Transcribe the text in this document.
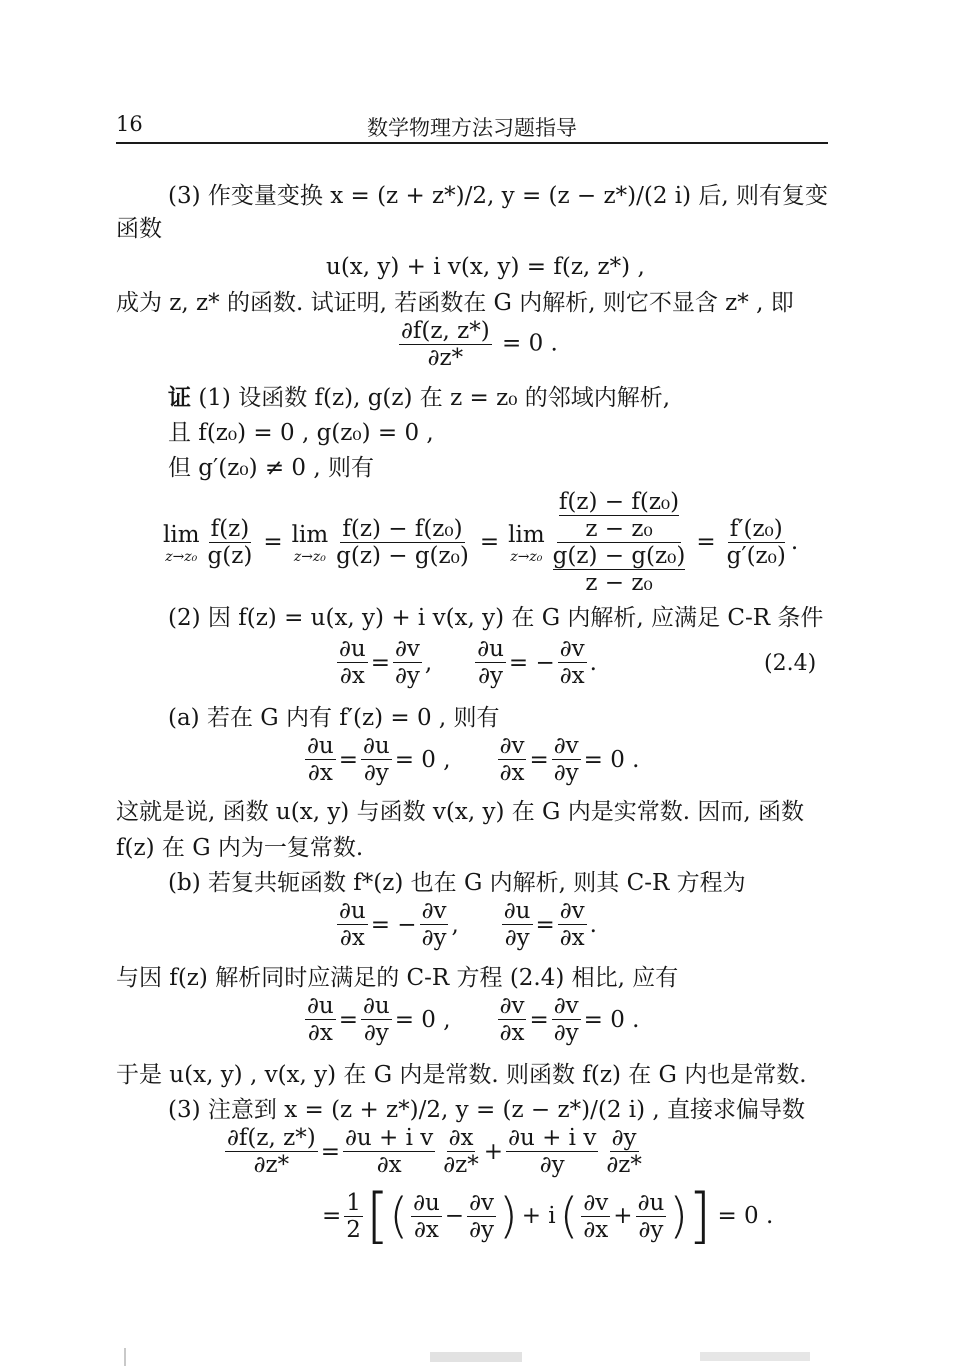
16	数学物理方法习题指导
(3) 作变量变换 x = (z + z*)/2, y = (z − z*)/(2 i) 后, 则有复变
函数
u(x, y) + i v(x, y) = f(z, z*) ,
成为 z, z* 的函数. 试证明, 若函数在 G 内解析, 则它不显含 z* , 即
$\frac{\partial f(z, z*)}{\partial z*} = 0$ .
证 (1) 设函数 f(z), g(z) 在 z = z₀ 的邻域内解析,
且 f(z₀) = 0 , g(z₀) = 0 ,
但 g′(z₀) ≠ 0 , 则有
lim
$z\to z_0 \frac{f(z)}{g(z)} = \lim$
$z\to z_0 \frac{\text{f(z) − f(z₀)}}{\text{g(z) − g(z₀)}} = \lim$
z→z₀ f(z) − f(z₀)
z − z₀
g(z) − g(z₀)
$z - z_0 = \frac{\text{f′(z₀)}}{\text{g′(z₀)}}$ .
(2) 因 f(z) = u(x, y) + i v(x, y) 在 G 内解析, 应满足 C-R 条件
∂u
∂x
=
∂v
∂y
,
∂u
∂y
= −
∂v
∂x
.	(2.4)
(a) 若在 G 内有 f′(z) = 0 , 则有
∂u
∂x
=
∂u
∂y
= 0 ,
∂v
∂x
=
∂v
∂y
= 0 .
这就是说, 函数 u(x, y) 与函数 v(x, y) 在 G 内是实常数. 因而, 函数
f(z) 在 G 内为一复常数.
(b) 若复共轭函数 f*(z) 也在 G 内解析, 则其 C-R 方程为
∂u
∂x
= −
∂v
∂y
,
∂u
∂y
=
∂v
∂x
.
与因 f(z) 解析同时应满足的 C-R 方程 (2.4) 相比, 应有
∂u
∂x
=
∂u
∂y
= 0 ,
∂v
∂x
=
∂v
∂y
= 0 .
于是 u(x, y) , v(x, y) 在 G 内是常数. 则函数 f(z) 在 G 内也是常数.
(3) 注意到 x = (z + z*)/2, y = (z − z*)/(2 i) , 直接求偏导数
∂f(z, z*)
∂z*
=
∂u + i v
∂x
∂x
∂z*
+
∂u + i v
∂y
∂y
∂z*
=
1
2 [ ( ∂u
∂x
−
∂v
∂y ) + i ( ∂v
∂x
+
∂u
∂y ) ] = 0 .
